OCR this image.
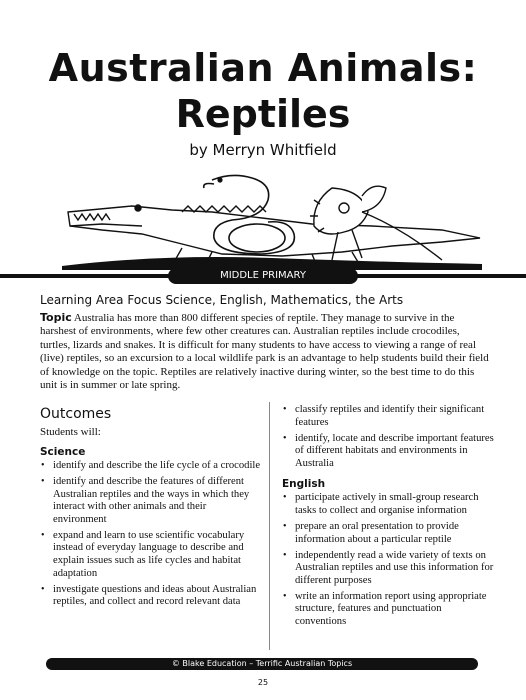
Australian Animals:
Reptiles
by Merryn Whitfield
MIDDLE PRIMARY
Learning Area Focus Science, English, Mathematics, the Arts
Topic Australia has more than 800 different species of reptile. They manage to survive in the harshest of environments, where few other creatures can. Australian reptiles include crocodiles, turtles, lizards and snakes. It is difficult for many students to have access to viewing a range of real (live) reptiles, so an excursion to a local wildlife park is an advantage to help students build their field of knowledge on the topic. Reptiles are relatively inactive during winter, so the best time to do this unit is in summer or late spring.
Outcomes
Students will:
Science
• identify and describe the life cycle of a crocodile
• identify and describe the features of different Australian reptiles and the ways in which they interact with other animals and their environment
• expand and learn to use scientific vocabulary instead of everyday language to describe and explain issues such as life cycles and habitat adaptation
• investigate questions and ideas about Australian reptiles, and collect and record relevant data
• classify reptiles and identify their significant features
• identify, locate and describe important features of different habitats and environments in Australia
English
• participate actively in small-group research tasks to collect and organise information
• prepare an oral presentation to provide information about a particular reptile
• independently read a wide variety of texts on Australian reptiles and use this information for different purposes
• write an information report using appropriate structure, features and punctuation conventions
© Blake Education – Terrific Australian Topics
25
